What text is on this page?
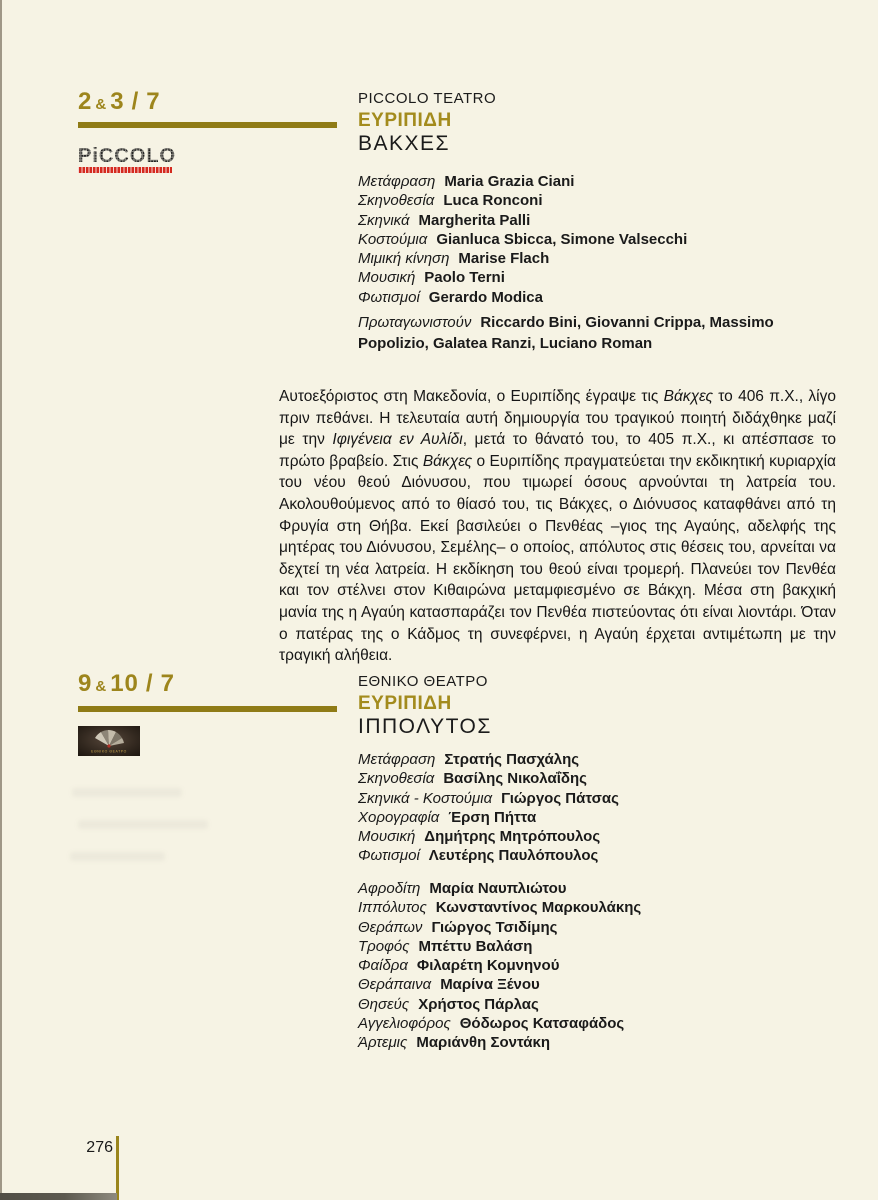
2 & 3 / 7
PiCCOLO
PICCOLO TEATRO
ΕΥΡΙΠΙΔΗ
ΒΑΚΧΕΣ
Μετάφραση Maria Grazia Ciani
Σκηνοθεσία Luca Ronconi
Σκηνικά Margherita Palli
Κοστούμια Gianluca Sbicca, Simone Valsecchi
Μιμική κίνηση Marise Flach
Μουσική Paolo Terni
Φωτισμοί Gerardo Modica
Πρωταγωνιστούν Riccardo Bini, Giovanni Crippa, Massimo Popolizio, Galatea Ranzi, Luciano Roman
Αυτοεξόριστος στη Μακεδονία, ο Ευριπίδης έγραψε τις Βάκχες το 406 π.Χ., λίγο πριν πεθάνει. Η τελευταία αυτή δημιουργία του τραγικού ποιητή διδάχθηκε μαζί με την Ιφιγένεια εν Αυλίδι, μετά το θάνατό του, το 405 π.Χ., κι απέσπασε το πρώτο βραβείο. Στις Βάκχες ο Ευριπίδης πραγματεύεται την εκδικητική κυριαρχία του νέου θεού Διόνυσου, που τιμωρεί όσους αρνούνται τη λατρεία του. Ακολουθούμενος από το θίασό του, τις Βάκχες, ο Διόνυσος καταφθάνει από τη Φρυγία στη Θήβα. Εκεί βασιλεύει ο Πενθέας –γιος της Αγαύης, αδελφής της μητέρας του Διόνυσου, Σεμέλης– ο οποίος, απόλυτος στις θέσεις του, αρνείται να δεχτεί τη νέα λατρεία. Η εκδίκηση του θεού είναι τρομερή. Πλανεύει τον Πενθέα και τον στέλνει στον Κιθαιρώνα μεταμφιεσμένο σε Βάκχη. Μέσα στη βακχική μανία της η Αγαύη κατασπαράζει τον Πενθέα πιστεύοντας ότι είναι λιοντάρι. Όταν ο πατέρας της ο Κάδμος τη συνεφέρνει, η Αγαύη έρχεται αντιμέτωπη με την τραγική αλήθεια.
9 & 10 / 7
ΕΘΝΙΚΟ ΘΕΑΤΡΟ
ΕΘΝΙΚΟ ΘΕΑΤΡΟ
ΕΥΡΙΠΙΔΗ
ΙΠΠΟΛΥΤΟΣ
Μετάφραση Στρατής Πασχάλης
Σκηνοθεσία Βασίλης Νικολαΐδης
Σκηνικά - Κοστούμια Γιώργος Πάτσας
Χορογραφία Έρση Πήττα
Μουσική Δημήτρης Μητρόπουλος
Φωτισμοί Λευτέρης Παυλόπουλος
Αφροδίτη Μαρία Ναυπλιώτου
Ιππόλυτος Κωνσταντίνος Μαρκουλάκης
Θεράπων Γιώργος Τσιδίμης
Τροφός Μπέττυ Βαλάση
Φαίδρα Φιλαρέτη Κομνηνού
Θεράπαινα Μαρίνα Ξένου
Θησεύς Χρήστος Πάρλας
Αγγελιοφόρος Θόδωρος Κατσαφάδος
Άρτεμις Μαριάνθη Σοντάκη
276
